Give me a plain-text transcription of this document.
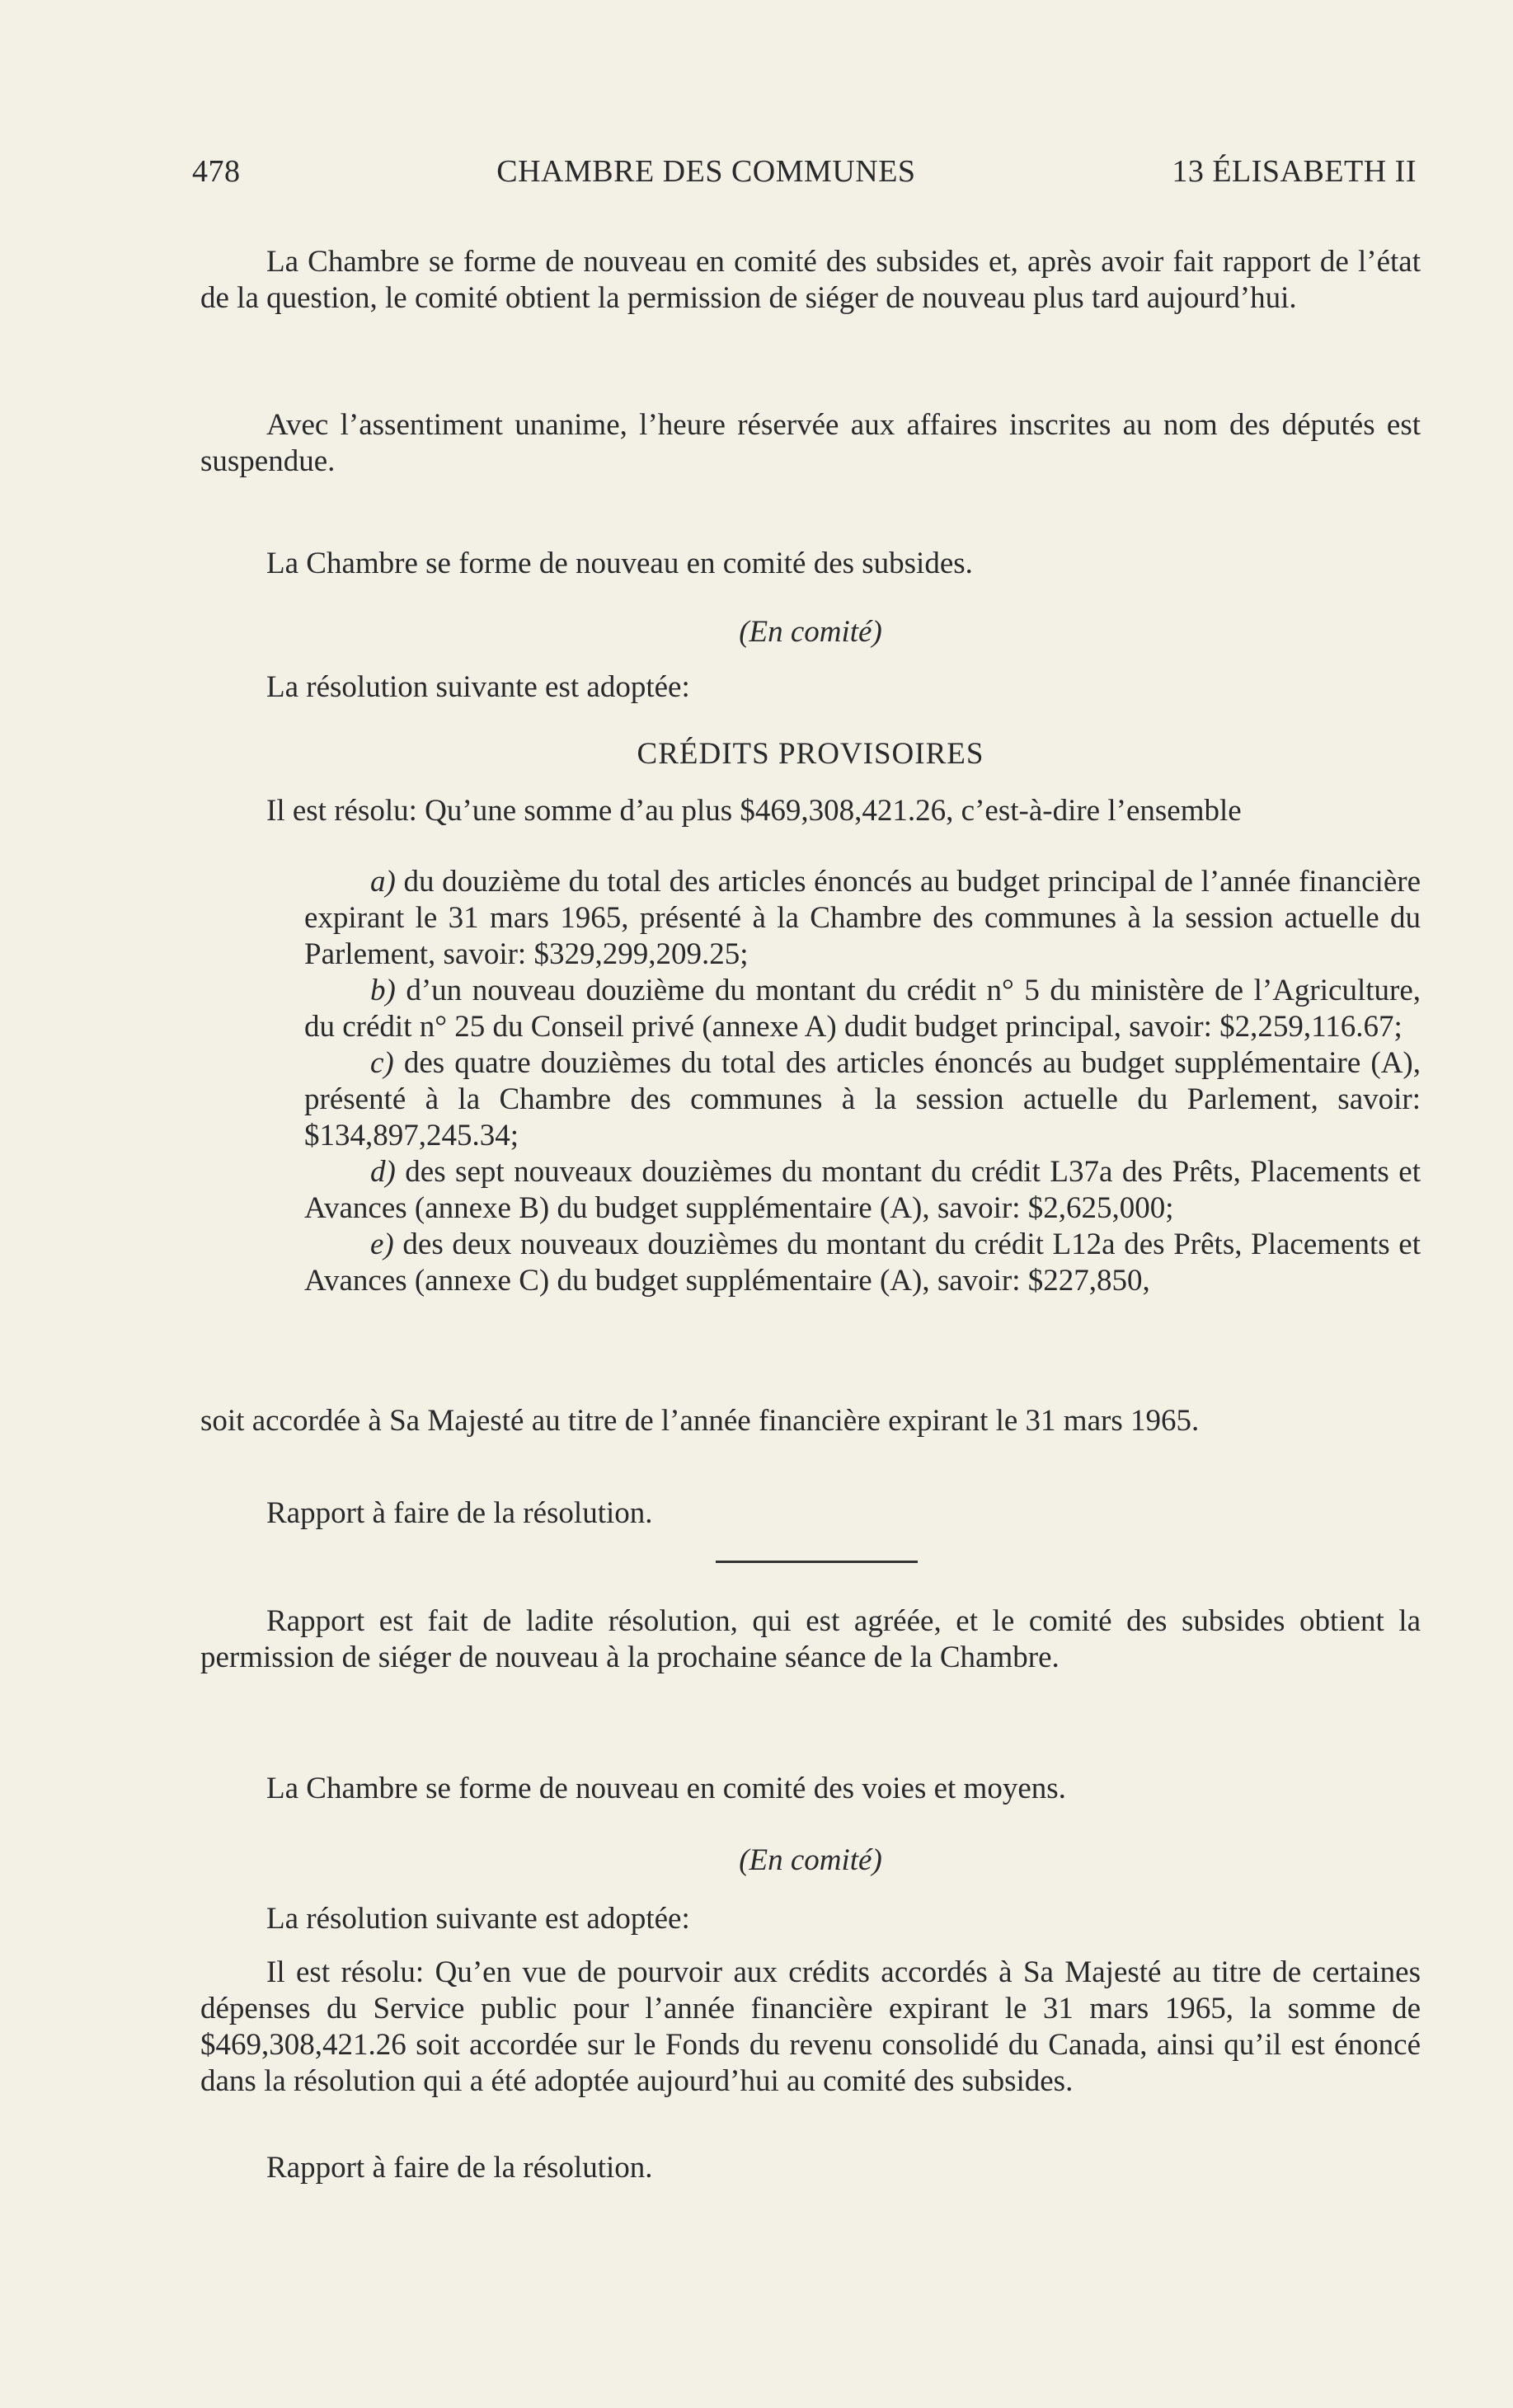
478	CHAMBRE DES COMMUNES	13 ÉLISABETH II

La Chambre se forme de nouveau en comité des subsides et, après avoir fait rapport de l’état de la question, le comité obtient la permission de siéger de nouveau plus tard aujourd’hui.

Avec l’assentiment unanime, l’heure réservée aux affaires inscrites au nom des députés est suspendue.

La Chambre se forme de nouveau en comité des subsides.

(En comité)

La résolution suivante est adoptée:

CRÉDITS PROVISOIRES

Il est résolu: Qu’une somme d’au plus $469,308,421.26, c’est-à-dire l’ensemble

a) du douzième du total des articles énoncés au budget principal de l’année financière expirant le 31 mars 1965, présenté à la Chambre des communes à la session actuelle du Parlement, savoir: $329,299,209.25;

b) d’un nouveau douzième du montant du crédit n° 5 du ministère de l’Agriculture, du crédit n° 25 du Conseil privé (annexe A) dudit budget principal, savoir: $2,259,116.67;

c) des quatre douzièmes du total des articles énoncés au budget supplémentaire (A), présenté à la Chambre des communes à la session actuelle du Parlement, savoir: $134,897,245.34;

d) des sept nouveaux douzièmes du montant du crédit L37a des Prêts, Placements et Avances (annexe B) du budget supplémentaire (A), savoir: $2,625,000;

e) des deux nouveaux douzièmes du montant du crédit L12a des Prêts, Placements et Avances (annexe C) du budget supplémentaire (A), savoir: $227,850,

soit accordée à Sa Majesté au titre de l’année financière expirant le 31 mars 1965.

Rapport à faire de la résolution.

Rapport est fait de ladite résolution, qui est agréée, et le comité des subsides obtient la permission de siéger de nouveau à la prochaine séance de la Chambre.

La Chambre se forme de nouveau en comité des voies et moyens.

(En comité)

La résolution suivante est adoptée:

Il est résolu: Qu’en vue de pourvoir aux crédits accordés à Sa Majesté au titre de certaines dépenses du Service public pour l’année financière expirant le 31 mars 1965, la somme de $469,308,421.26 soit accordée sur le Fonds du revenu consolidé du Canada, ainsi qu’il est énoncé dans la résolution qui a été adoptée aujourd’hui au comité des subsides.

Rapport à faire de la résolution.
